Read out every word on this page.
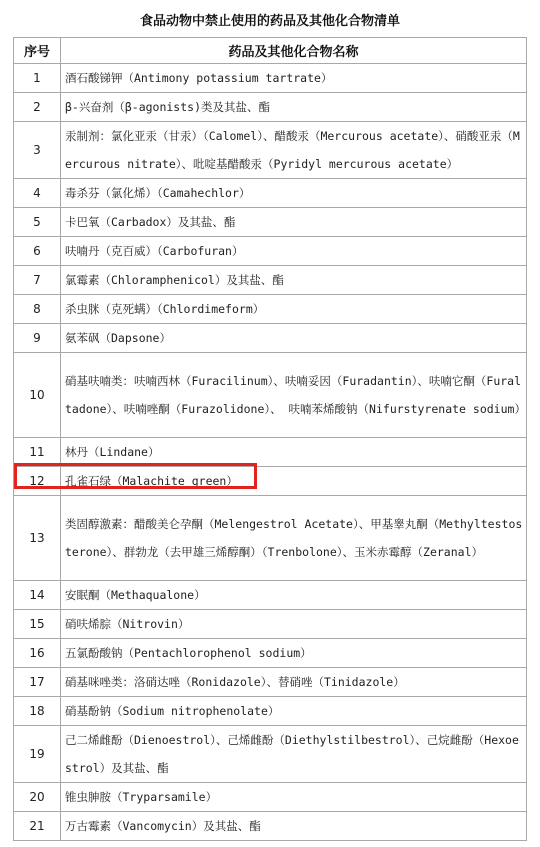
食品动物中禁止使用的药品及其他化合物清单
序号	药品及其他化合物名称
1	酒石酸锑钾（Antimony potassium tartrate）
2	β-兴奋剂（β-agonists)类及其盐、酯
3	汞制剂：氯化亚汞（甘汞）（Calomel）、醋酸汞（Mercurous acetate）、硝酸亚汞（Mercurous nitrate）、吡啶基醋酸汞（Pyridyl mercurous acetate）
4	毒杀芬（氯化烯）（Camahechlor）
5	卡巴氧（Carbadox）及其盐、酯
6	呋喃丹（克百威）（Carbofuran）
7	氯霉素（Chloramphenicol）及其盐、酯
8	杀虫脒（克死螨）（Chlordimeform）
9	氨苯砜（Dapsone）
10	硝基呋喃类：呋喃西林（Furacilinum）、呋喃妥因（Furadantin）、呋喃它酮（Furaltadone）、呋喃唑酮（Furazolidone）、 呋喃苯烯酸钠（Nifurstyrenate sodium）
11	林丹（Lindane）
12	孔雀石绿（Malachite green）
13	类固醇激素：醋酸美仑孕酮（Melengestrol Acetate）、甲基睾丸酮（Methyltestosterone）、群勃龙（去甲雄三烯醇酮）（Trenbolone）、玉米赤霉醇（Zeranal）
14	安眠酮（Methaqualone）
15	硝呋烯腙（Nitrovin）
16	五氯酚酸钠（Pentachlorophenol sodium）
17	硝基咪唑类：洛硝达唑（Ronidazole）、替硝唑（Tinidazole）
18	硝基酚钠（Sodium nitrophenolate）
19	己二烯雌酚（Dienoestrol）、己烯雌酚（Diethylstilbestrol）、己烷雌酚（Hexoestrol）及其盐、酯
20	锥虫胂胺（Tryparsamile）
21	万古霉素（Vancomycin）及其盐、酯
